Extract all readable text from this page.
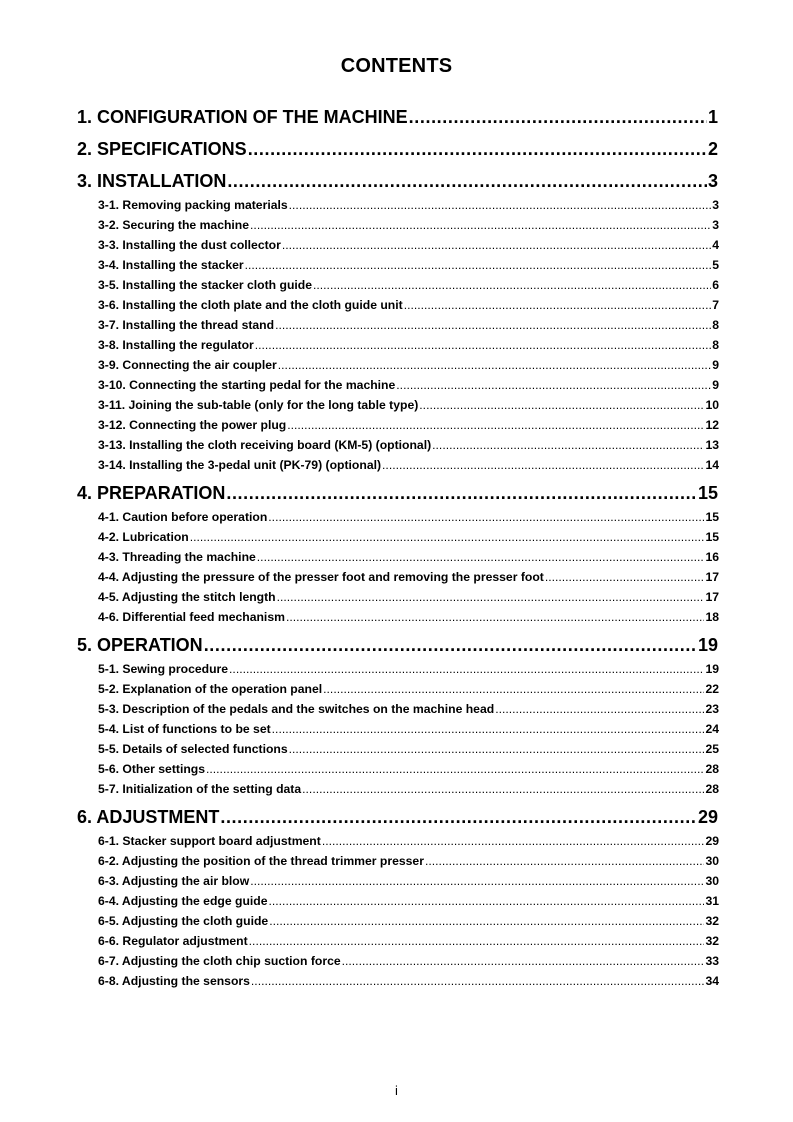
CONTENTS
1. CONFIGURATION OF THE MACHINE .....	1
2. SPECIFICATIONS .....	2
3. INSTALLATION .....	3
3-1. Removing packing materials .....	3
3-2. Securing the machine .....	3
3-3. Installing the dust collector .....	4
3-4. Installing the stacker .....	5
3-5. Installing the stacker cloth guide .....	6
3-6. Installing the cloth plate and the cloth guide unit .....	7
3-7. Installing the thread stand .....	8
3-8. Installing the regulator .....	8
3-9. Connecting the air coupler .....	9
3-10. Connecting the starting pedal for the machine .....	9
3-11. Joining the sub-table (only for the long table type) .....	10
3-12. Connecting the power plug .....	12
3-13. Installing the cloth receiving board (KM-5) (optional) .....	13
3-14. Installing the 3-pedal unit (PK-79) (optional) .....	14
4. PREPARATION .....	15
4-1. Caution before operation .....	15
4-2. Lubrication .....	15
4-3. Threading the machine .....	16
4-4. Adjusting the pressure of the presser foot and removing the presser foot .....	17
4-5. Adjusting the stitch length .....	17
4-6. Differential feed mechanism .....	18
5. OPERATION .....	19
5-1. Sewing procedure .....	19
5-2. Explanation of the operation panel .....	22
5-3. Description of the pedals and the switches on the machine head .....	23
5-4. List of functions to be set .....	24
5-5. Details of selected functions .....	25
5-6. Other settings .....	28
5-7. Initialization of the setting data .....	28
6. ADJUSTMENT .....	29
6-1. Stacker support board adjustment .....	29
6-2. Adjusting the position of the thread trimmer presser .....	30
6-3. Adjusting the air blow .....	30
6-4. Adjusting the edge guide .....	31
6-5. Adjusting the cloth guide .....	32
6-6. Regulator adjustment .....	32
6-7. Adjusting the cloth chip suction force .....	33
6-8. Adjusting the sensors .....	34
i
